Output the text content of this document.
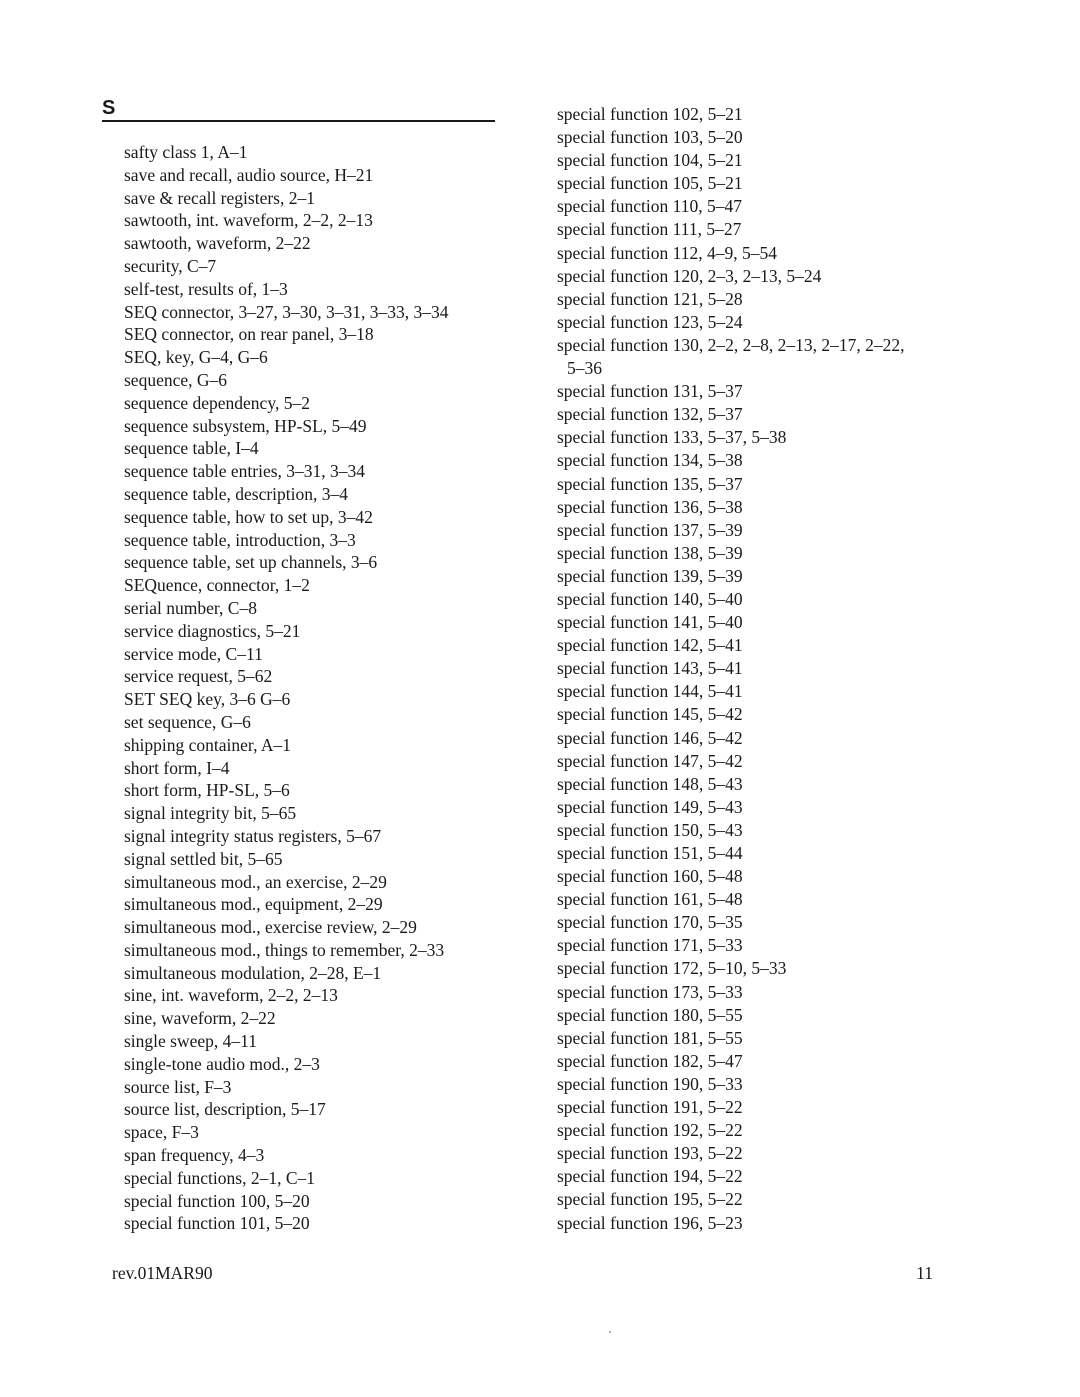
S
safty class 1, A–1
save and recall, audio source, H–21
save & recall registers, 2–1
sawtooth, int. waveform, 2–2, 2–13
sawtooth, waveform, 2–22
security, C–7
self-test, results of, 1–3
SEQ connector, 3–27, 3–30, 3–31, 3–33, 3–34
SEQ connector, on rear panel, 3–18
SEQ, key, G–4, G–6
sequence, G–6
sequence dependency, 5–2
sequence subsystem, HP-SL, 5–49
sequence table, I–4
sequence table entries, 3–31, 3–34
sequence table, description, 3–4
sequence table, how to set up, 3–42
sequence table, introduction, 3–3
sequence table, set up channels, 3–6
SEQuence, connector, 1–2
serial number, C–8
service diagnostics, 5–21
service mode, C–11
service request, 5–62
SET SEQ key, 3–6 G–6
set sequence, G–6
shipping container, A–1
short form, I–4
short form, HP-SL, 5–6
signal integrity bit, 5–65
signal integrity status registers, 5–67
signal settled bit, 5–65
simultaneous mod., an exercise, 2–29
simultaneous mod., equipment, 2–29
simultaneous mod., exercise review, 2–29
simultaneous mod., things to remember, 2–33
simultaneous modulation, 2–28, E–1
sine, int. waveform, 2–2, 2–13
sine, waveform, 2–22
single sweep, 4–11
single-tone audio mod., 2–3
source list, F–3
source list, description, 5–17
space, F–3
span frequency, 4–3
special functions, 2–1, C–1
special function 100, 5–20
special function 101, 5–20
special function 102, 5–21
special function 103, 5–20
special function 104, 5–21
special function 105, 5–21
special function 110, 5–47
special function 111, 5–27
special function 112, 4–9, 5–54
special function 120, 2–3, 2–13, 5–24
special function 121, 5–28
special function 123, 5–24
special function 130, 2–2, 2–8, 2–13, 2–17, 2–22,
5–36
special function 131, 5–37
special function 132, 5–37
special function 133, 5–37, 5–38
special function 134, 5–38
special function 135, 5–37
special function 136, 5–38
special function 137, 5–39
special function 138, 5–39
special function 139, 5–39
special function 140, 5–40
special function 141, 5–40
special function 142, 5–41
special function 143, 5–41
special function 144, 5–41
special function 145, 5–42
special function 146, 5–42
special function 147, 5–42
special function 148, 5–43
special function 149, 5–43
special function 150, 5–43
special function 151, 5–44
special function 160, 5–48
special function 161, 5–48
special function 170, 5–35
special function 171, 5–33
special function 172, 5–10, 5–33
special function 173, 5–33
special function 180, 5–55
special function 181, 5–55
special function 182, 5–47
special function 190, 5–33
special function 191, 5–22
special function 192, 5–22
special function 193, 5–22
special function 194, 5–22
special function 195, 5–22
special function 196, 5–23
rev.01MAR90	11
